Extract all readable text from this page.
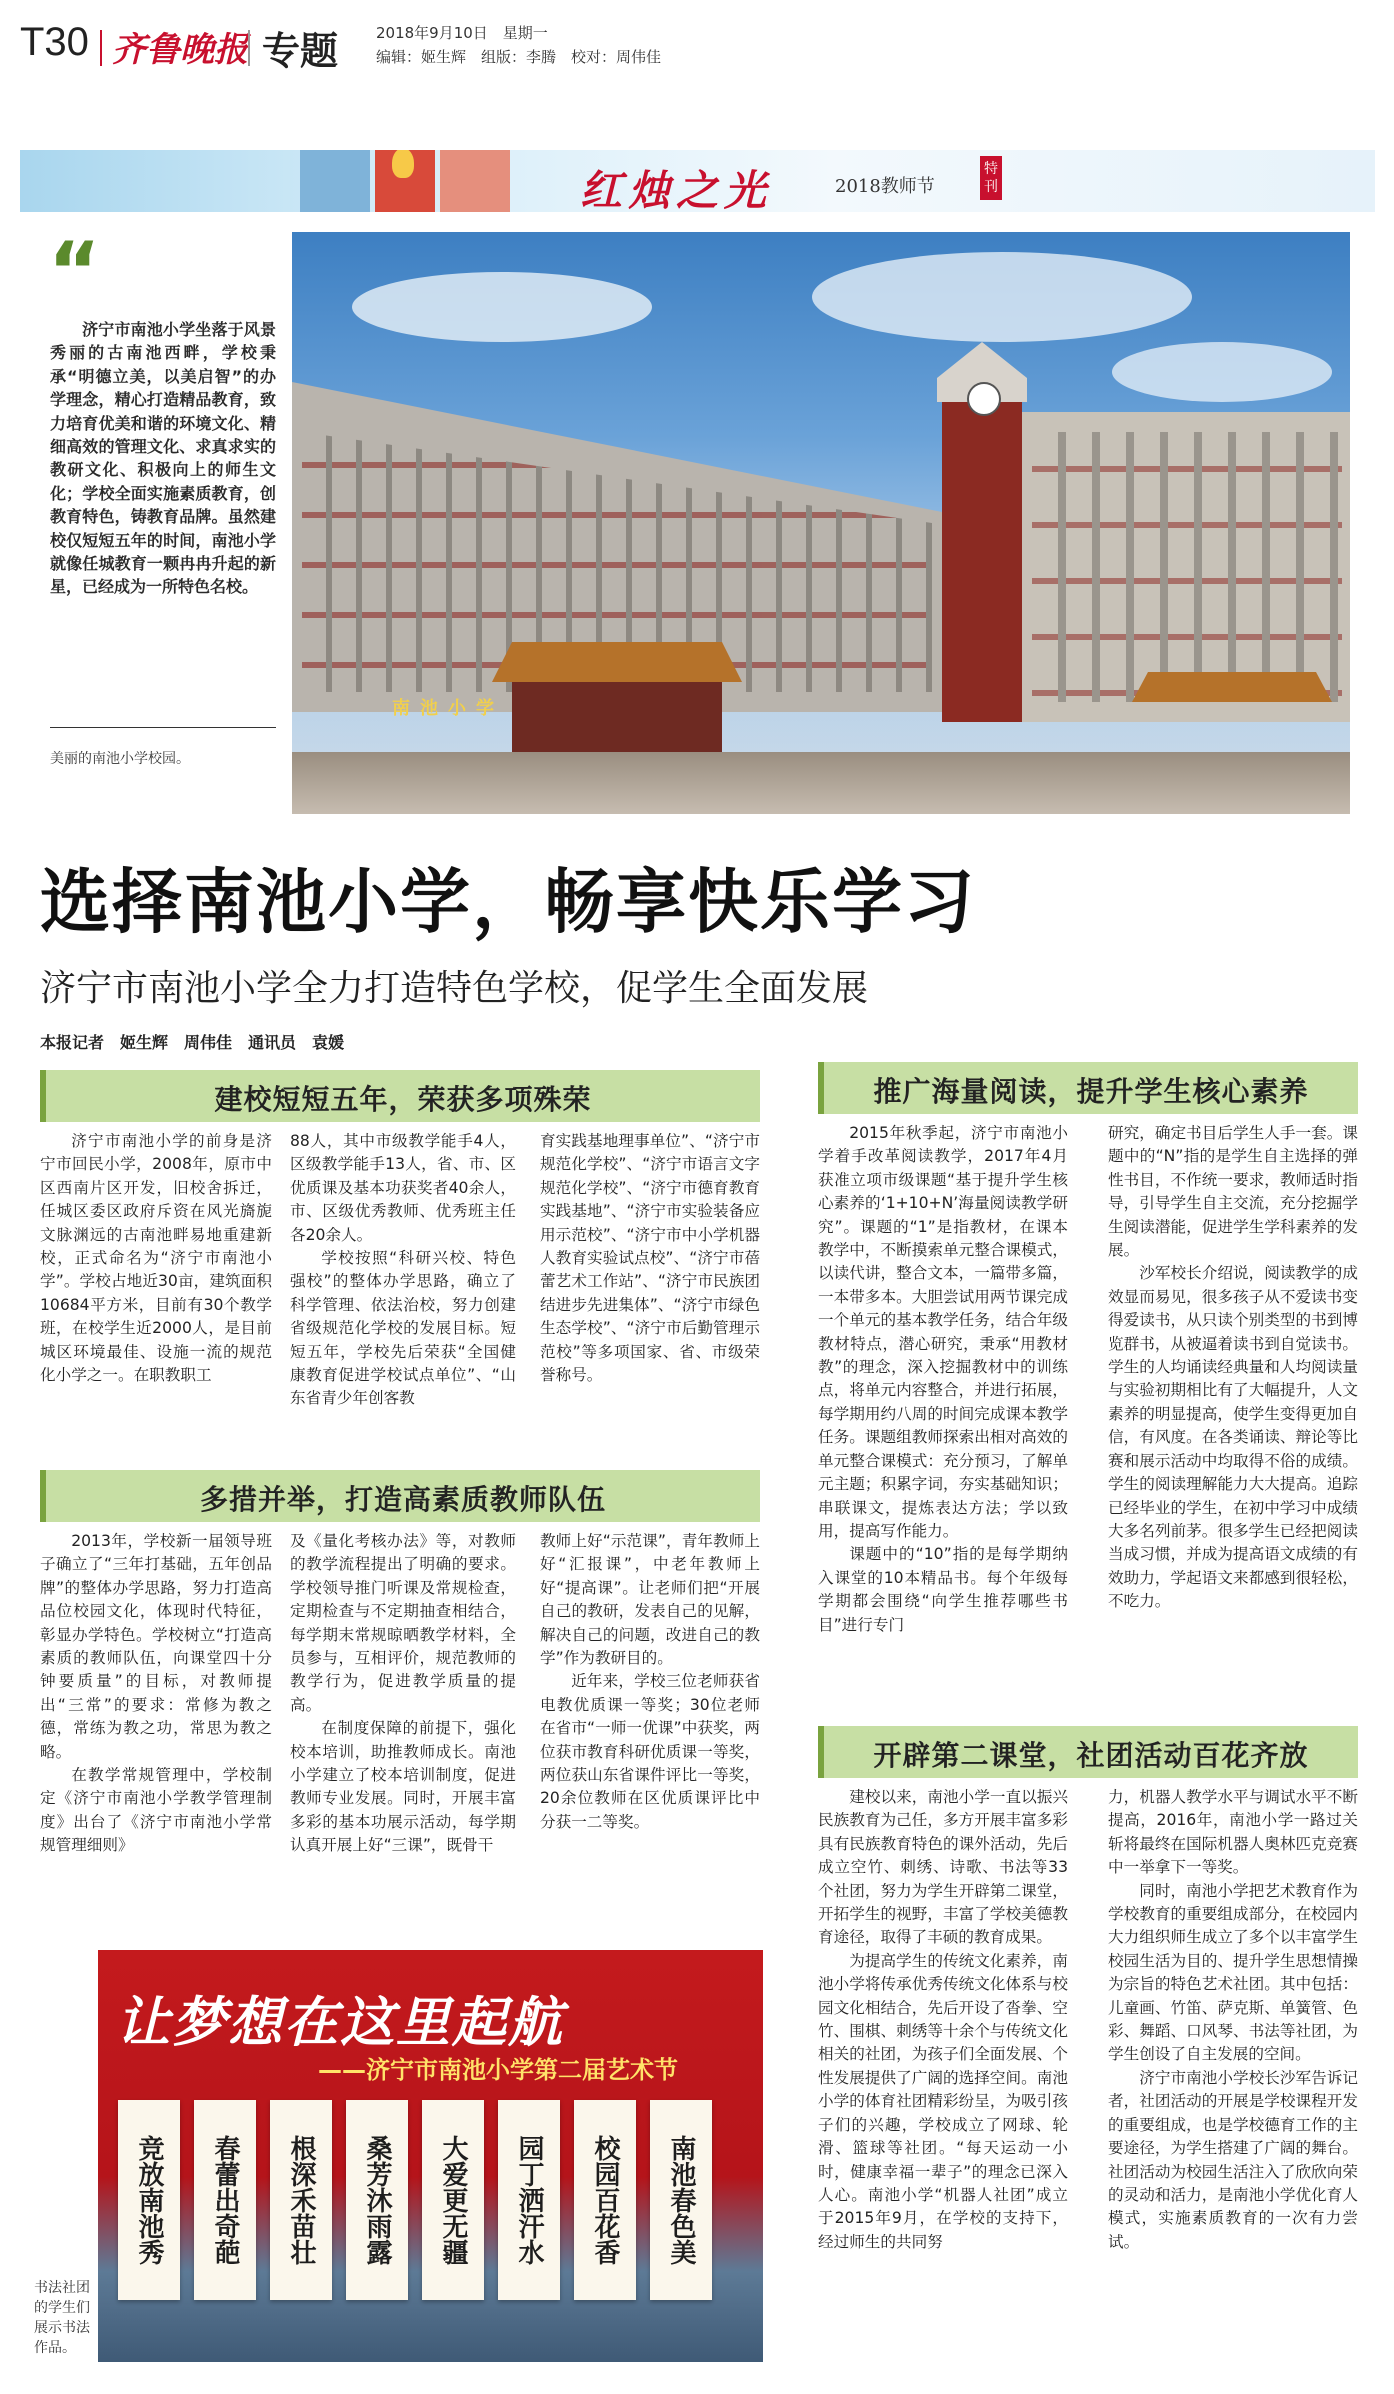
T30 齐鲁晚报 专题	2018年9月10日　星期一
编辑：姬生辉　组版：李腾　校对：周伟佳
红烛之光	2018教师节
特刊
“
济宁市南池小学坐落于风景秀丽的古南池西畔，学校秉承“明德立美，以美启智”的办学理念，精心打造精品教育，致力培育优美和谐的环境文化、精细高效的管理文化、求真求实的教研文化、积极向上的师生文化；学校全面实施素质教育，创教育特色，铸教育品牌。虽然建校仅短短五年的时间，南池小学就像任城教育一颗冉冉升起的新星，已经成为一所特色名校。
美丽的南池小学校园。
南池小学
选择南池小学，畅享快乐学习
济宁市南池小学全力打造特色学校，促学生全面发展
本报记者　姬生辉　周伟佳　通讯员　袁媛
建校短短五年，荣获多项殊荣

济宁市南池小学的前身是济宁市回民小学，2008年，原市中区西南片区开发，旧校舍拆迁，任城区委区政府斥资在风光旖旎文脉渊远的古南池畔易地重建新校，正式命名为“济宁市南池小学”。学校占地近30亩，建筑面积10684平方米，目前有30个教学班，在校学生近2000人，是目前城区环境最佳、设施一流的规范化小学之一。在职教职工

88人，其中市级教学能手4人，区级教学能手13人，省、市、区优质课及基本功获奖者40余人，市、区级优秀教师、优秀班主任各20余人。

学校按照“科研兴校、特色强校”的整体办学思路，确立了科学管理、依法治校，努力创建省级规范化学校的发展目标。短短五年，学校先后荣获“全国健康教育促进学校试点单位”、“山东省青少年创客教

育实践基地理事单位”、“济宁市规范化学校”、“济宁市语言文字规范化学校”、“济宁市德育教育实践基地”、“济宁市实验装备应用示范校”、“济宁市中小学机器人教育实验试点校”、“济宁市蓓蕾艺术工作站”、“济宁市民族团结进步先进集体”、“济宁市绿色生态学校”、“济宁市后勤管理示范校”等多项国家、省、市级荣誉称号。

多措并举，打造高素质教师队伍

2013年，学校新一届领导班子确立了“三年打基础，五年创品牌”的整体办学思路，努力打造高品位校园文化，体现时代特征，彰显办学特色。学校树立“打造高素质的教师队伍，向课堂四十分钟要质量”的目标，对教师提出“三常”的要求：常修为教之德，常练为教之功，常思为教之略。

在教学常规管理中，学校制定《济宁市南池小学教学管理制度》出台了《济宁市南池小学常规管理细则》

及《量化考核办法》等，对教师的教学流程提出了明确的要求。学校领导推门听课及常规检查，定期检查与不定期抽查相结合，每学期末常规晾晒教学材料，全员参与，互相评价，规范教师的教学行为，促进教学质量的提高。

在制度保障的前提下，强化校本培训，助推教师成长。南池小学建立了校本培训制度，促进教师专业发展。同时，开展丰富多彩的基本功展示活动，每学期认真开展上好“三课”，既骨干

教师上好“示范课”，青年教师上好“汇报课”，中老年教师上好“提高课”。让老师们把“开展自己的教研，发表自己的见解，解决自己的问题，改进自己的教学”作为教研目的。

近年来，学校三位老师获省电教优质课一等奖；30位老师在省市“一师一优课”中获奖，两位获市教育科研优质课一等奖，两位获山东省课件评比一等奖，20余位教师在区优质课评比中分获一二等奖。

让梦想在这里起航
——济宁市南池小学第二届艺术节
竞放南池秀	春蕾出奇葩	根深禾苗壮	桑芳沐雨露	大爱更无疆	园丁洒汗水	校园百花香	南池春色美
书法社团的学生们展示书法作品。
推广海量阅读，提升学生核心素养

2015年秋季起，济宁市南池小学着手改革阅读教学，2017年4月获准立项市级课题“基于提升学生核心素养的‘1+10+N’海量阅读教学研究”。课题的“1”是指教材，在课本教学中，不断摸索单元整合课模式，以读代讲，整合文本，一篇带多篇，一本带多本。大胆尝试用两节课完成一个单元的基本教学任务，结合年级教材特点，潜心研究，秉承“用教材教”的理念，深入挖掘教材中的训练点，将单元内容整合，并进行拓展，每学期用约八周的时间完成课本教学任务。课题组教师探索出相对高效的单元整合课模式：充分预习，了解单元主题；积累字词，夯实基础知识；串联课文，提炼表达方法；学以致用，提高写作能力。

课题中的“10”指的是每学期纳入课堂的10本精品书。每个年级每学期都会围绕“向学生推荐哪些书目”进行专门

研究，确定书目后学生人手一套。课题中的“N”指的是学生自主选择的弹性书目，不作统一要求，教师适时指导，引导学生自主交流，充分挖掘学生阅读潜能，促进学生学科素养的发展。

沙军校长介绍说，阅读教学的成效显而易见，很多孩子从不爱读书变得爱读书，从只读个别类型的书到博览群书，从被逼着读书到自觉读书。学生的人均诵读经典量和人均阅读量与实验初期相比有了大幅提升，人文素养的明显提高，使学生变得更加自信，有风度。在各类诵读、辩论等比赛和展示活动中均取得不俗的成绩。学生的阅读理解能力大大提高。追踪已经毕业的学生，在初中学习中成绩大多名列前茅。很多学生已经把阅读当成习惯，并成为提高语文成绩的有效助力，学起语文来都感到很轻松，不吃力。

开辟第二课堂，社团活动百花齐放

建校以来，南池小学一直以振兴民族教育为己任，多方开展丰富多彩具有民族教育特色的课外活动，先后成立空竹、刺绣、诗歌、书法等33个社团，努力为学生开辟第二课堂，开拓学生的视野，丰富了学校美德教育途径，取得了丰硕的教育成果。

为提高学生的传统文化素养，南池小学将传承优秀传统文化体系与校园文化相结合，先后开设了沓拳、空竹、围棋、刺绣等十余个与传统文化相关的社团，为孩子们全面发展、个性发展提供了广阔的选择空间。南池小学的体育社团精彩纷呈，为吸引孩子们的兴趣，学校成立了网球、轮滑、篮球等社团。“每天运动一小时，健康幸福一辈子”的理念已深入人心。南池小学“机器人社团”成立于2015年9月，在学校的支持下，经过师生的共同努

力，机器人教学水平与调试水平不断提高，2016年，南池小学一路过关斩将最终在国际机器人奥林匹克竞赛中一举拿下一等奖。

同时，南池小学把艺术教育作为学校教育的重要组成部分，在校园内大力组织师生成立了多个以丰富学生校园生活为目的、提升学生思想情操为宗旨的特色艺术社团。其中包括：儿童画、竹笛、萨克斯、单簧管、色彩、舞蹈、口风琴、书法等社团，为学生创设了自主发展的空间。

济宁市南池小学校长沙军告诉记者，社团活动的开展是学校课程开发的重要组成，也是学校德育工作的主要途径，为学生搭建了广阔的舞台。社团活动为校园生活注入了欣欣向荣的灵动和活力，是南池小学优化育人模式，实施素质教育的一次有力尝试。
